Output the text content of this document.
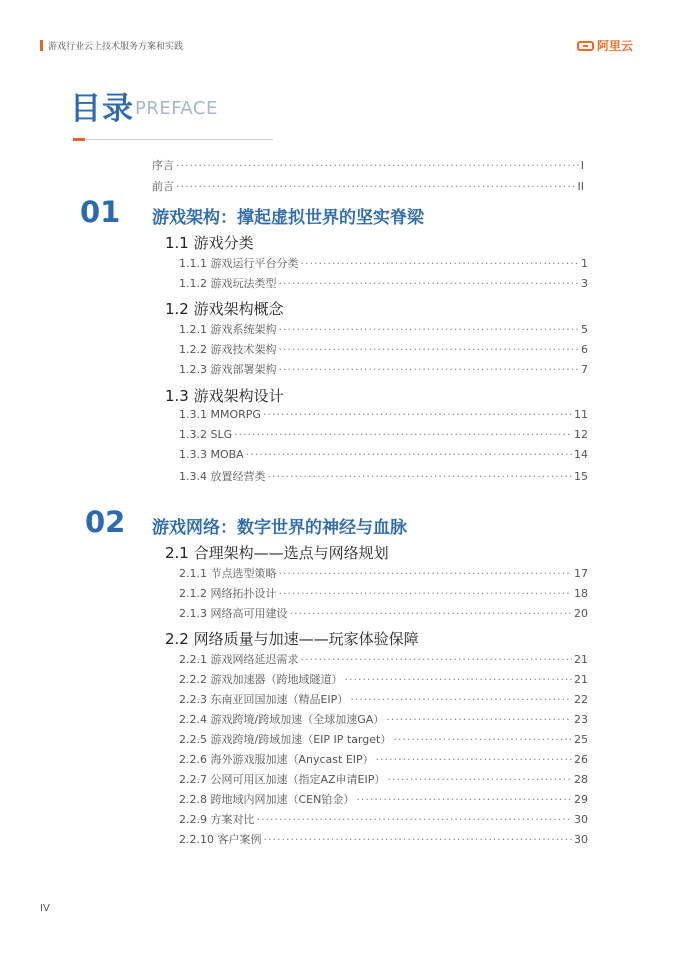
游戏行业云上技术服务方案和实践	阿里云
目录 PREFACE
序言 ·····	I
前言 ·····	II
01 游戏架构：撑起虚拟世界的坚实脊梁
1.1 游戏分类
1.1.1 游戏运行平台分类 ·····	1
1.1.2 游戏玩法类型 ·····	3
1.2 游戏架构概念
1.2.1 游戏系统架构 ·····	5
1.2.2 游戏技术架构 ·····	6
1.2.3 游戏部署架构 ·····	7
1.3 游戏架构设计
1.3.1 MMORPG ·····	11
1.3.2 SLG ·····	12
1.3.3 MOBA ·····	14
1.3.4 放置经营类 ·····	15
02 游戏网络：数字世界的神经与血脉
2.1 合理架构——选点与网络规划
2.1.1 节点选型策略 ·····	17
2.1.2 网络拓扑设计 ·····	18
2.1.3 网络高可用建设 ·····	20
2.2 网络质量与加速——玩家体验保障
2.2.1 游戏网络延迟需求 ·····	21
2.2.2 游戏加速器（跨地域隧道） ·····	21
2.2.3 东南亚回国加速（精品EIP） ·····	22
2.2.4 游戏跨境/跨域加速（全球加速GA） ·····	23
2.2.5 游戏跨境/跨域加速（EIP IP target） ·····	25
2.2.6 海外游戏服加速（Anycast EIP） ·····	26
2.2.7 公网可用区加速（指定AZ申请EIP） ·····	28
2.2.8 跨地域内网加速（CEN铂金） ·····	29
2.2.9 方案对比 ·····	30
2.2.10 客户案例 ·····	30
IV
